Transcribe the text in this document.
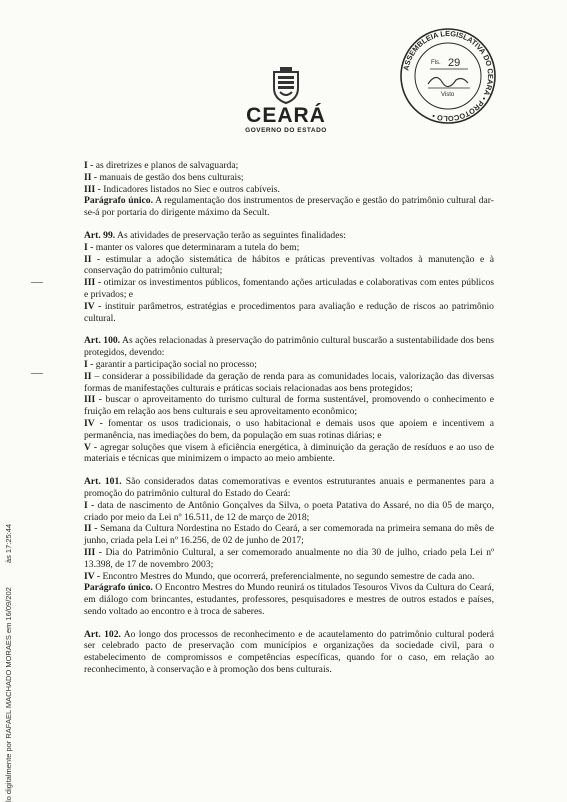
CEARÁ
GOVERNO DO ESTADO
ASSEMBLEIA LEGISLATIVA DO CEARÁ • PROTOCOLO •
Fls. 29
Visto
lo digitalmente por RAFAEL MACHADO MORAES em 16/09/202 às 17:25:44

I - as diretrizes e planos de salvaguarda;

II - manuais de gestão dos bens culturais;

III - Indicadores listados no Siec e outros cabíveis.

Parágrafo único. A regulamentação dos instrumentos de preservação e gestão do patrimônio cultural dar-se-á por portaria do dirigente máximo da Secult.

Art. 99. As atividades de preservação terão as seguintes finalidades:

I - manter os valores que determinaram a tutela do bem;

II - estimular a adoção sistemática de hábitos e práticas preventivas voltados à manutenção e à conservação do patrimônio cultural;

III - otimizar os investimentos públicos, fomentando ações articuladas e colaborativas com entes públicos e privados; e

IV - instituir parâmetros, estratégias e procedimentos para avaliação e redução de riscos ao patrimônio cultural.

Art. 100. As ações relacionadas à preservação do patrimônio cultural buscarão a sustentabilidade dos bens protegidos, devendo:

I - garantir a participação social no processo;

II – considerar a possibilidade da geração de renda para as comunidades locais, valorização das diversas formas de manifestações culturais e práticas sociais relacionadas aos bens protegidos;

III - buscar o aproveitamento do turismo cultural de forma sustentável, promovendo o conhecimento e fruição em relação aos bens culturais e seu aproveitamento econômico;

IV - fomentar os usos tradicionais, o uso habitacional e demais usos que apoiem e incentivem a permanência, nas imediações do bem, da população em suas rotinas diárias; e

V - agregar soluções que visem à eficiência energética, à diminuição da geração de resíduos e ao uso de materiais e técnicas que minimizem o impacto ao meio ambiente.

Art. 101. São considerados datas comemorativas e eventos estruturantes anuais e permanentes para a promoção do patrimônio cultural do Estado do Ceará:

I - data de nascimento de Antônio Gonçalves da Silva, o poeta Patativa do Assaré, no dia 05 de março, criado por meio da Lei nº 16.511, de 12 de março de 2018;

II - Semana da Cultura Nordestina no Estado do Ceará, a ser comemorada na primeira semana do mês de junho, criada pela Lei nº 16.256, de 02 de junho de 2017;

III - Dia do Patrimônio Cultural, a ser comemorado anualmente no dia 30 de julho, criado pela Lei nº 13.398, de 17 de novembro 2003;

IV - Encontro Mestres do Mundo, que ocorrerá, preferencialmente, no segundo semestre de cada ano.

Parágrafo único. O Encontro Mestres do Mundo reunirá os titulados Tesouros Vivos da Cultura do Ceará, em diálogo com brincantes, estudantes, professores, pesquisadores e mestres de outros estados e países, sendo voltado ao encontro e à troca de saberes.

Art. 102. Ao longo dos processos de reconhecimento e de acautelamento do patrimônio cultural poderá ser celebrado pacto de preservação com municípios e organizações da sociedade civil, para o estabelecimento de compromissos e competências específicas, quando for o caso, em relação ao reconhecimento, à conservação e à promoção dos bens culturais.
